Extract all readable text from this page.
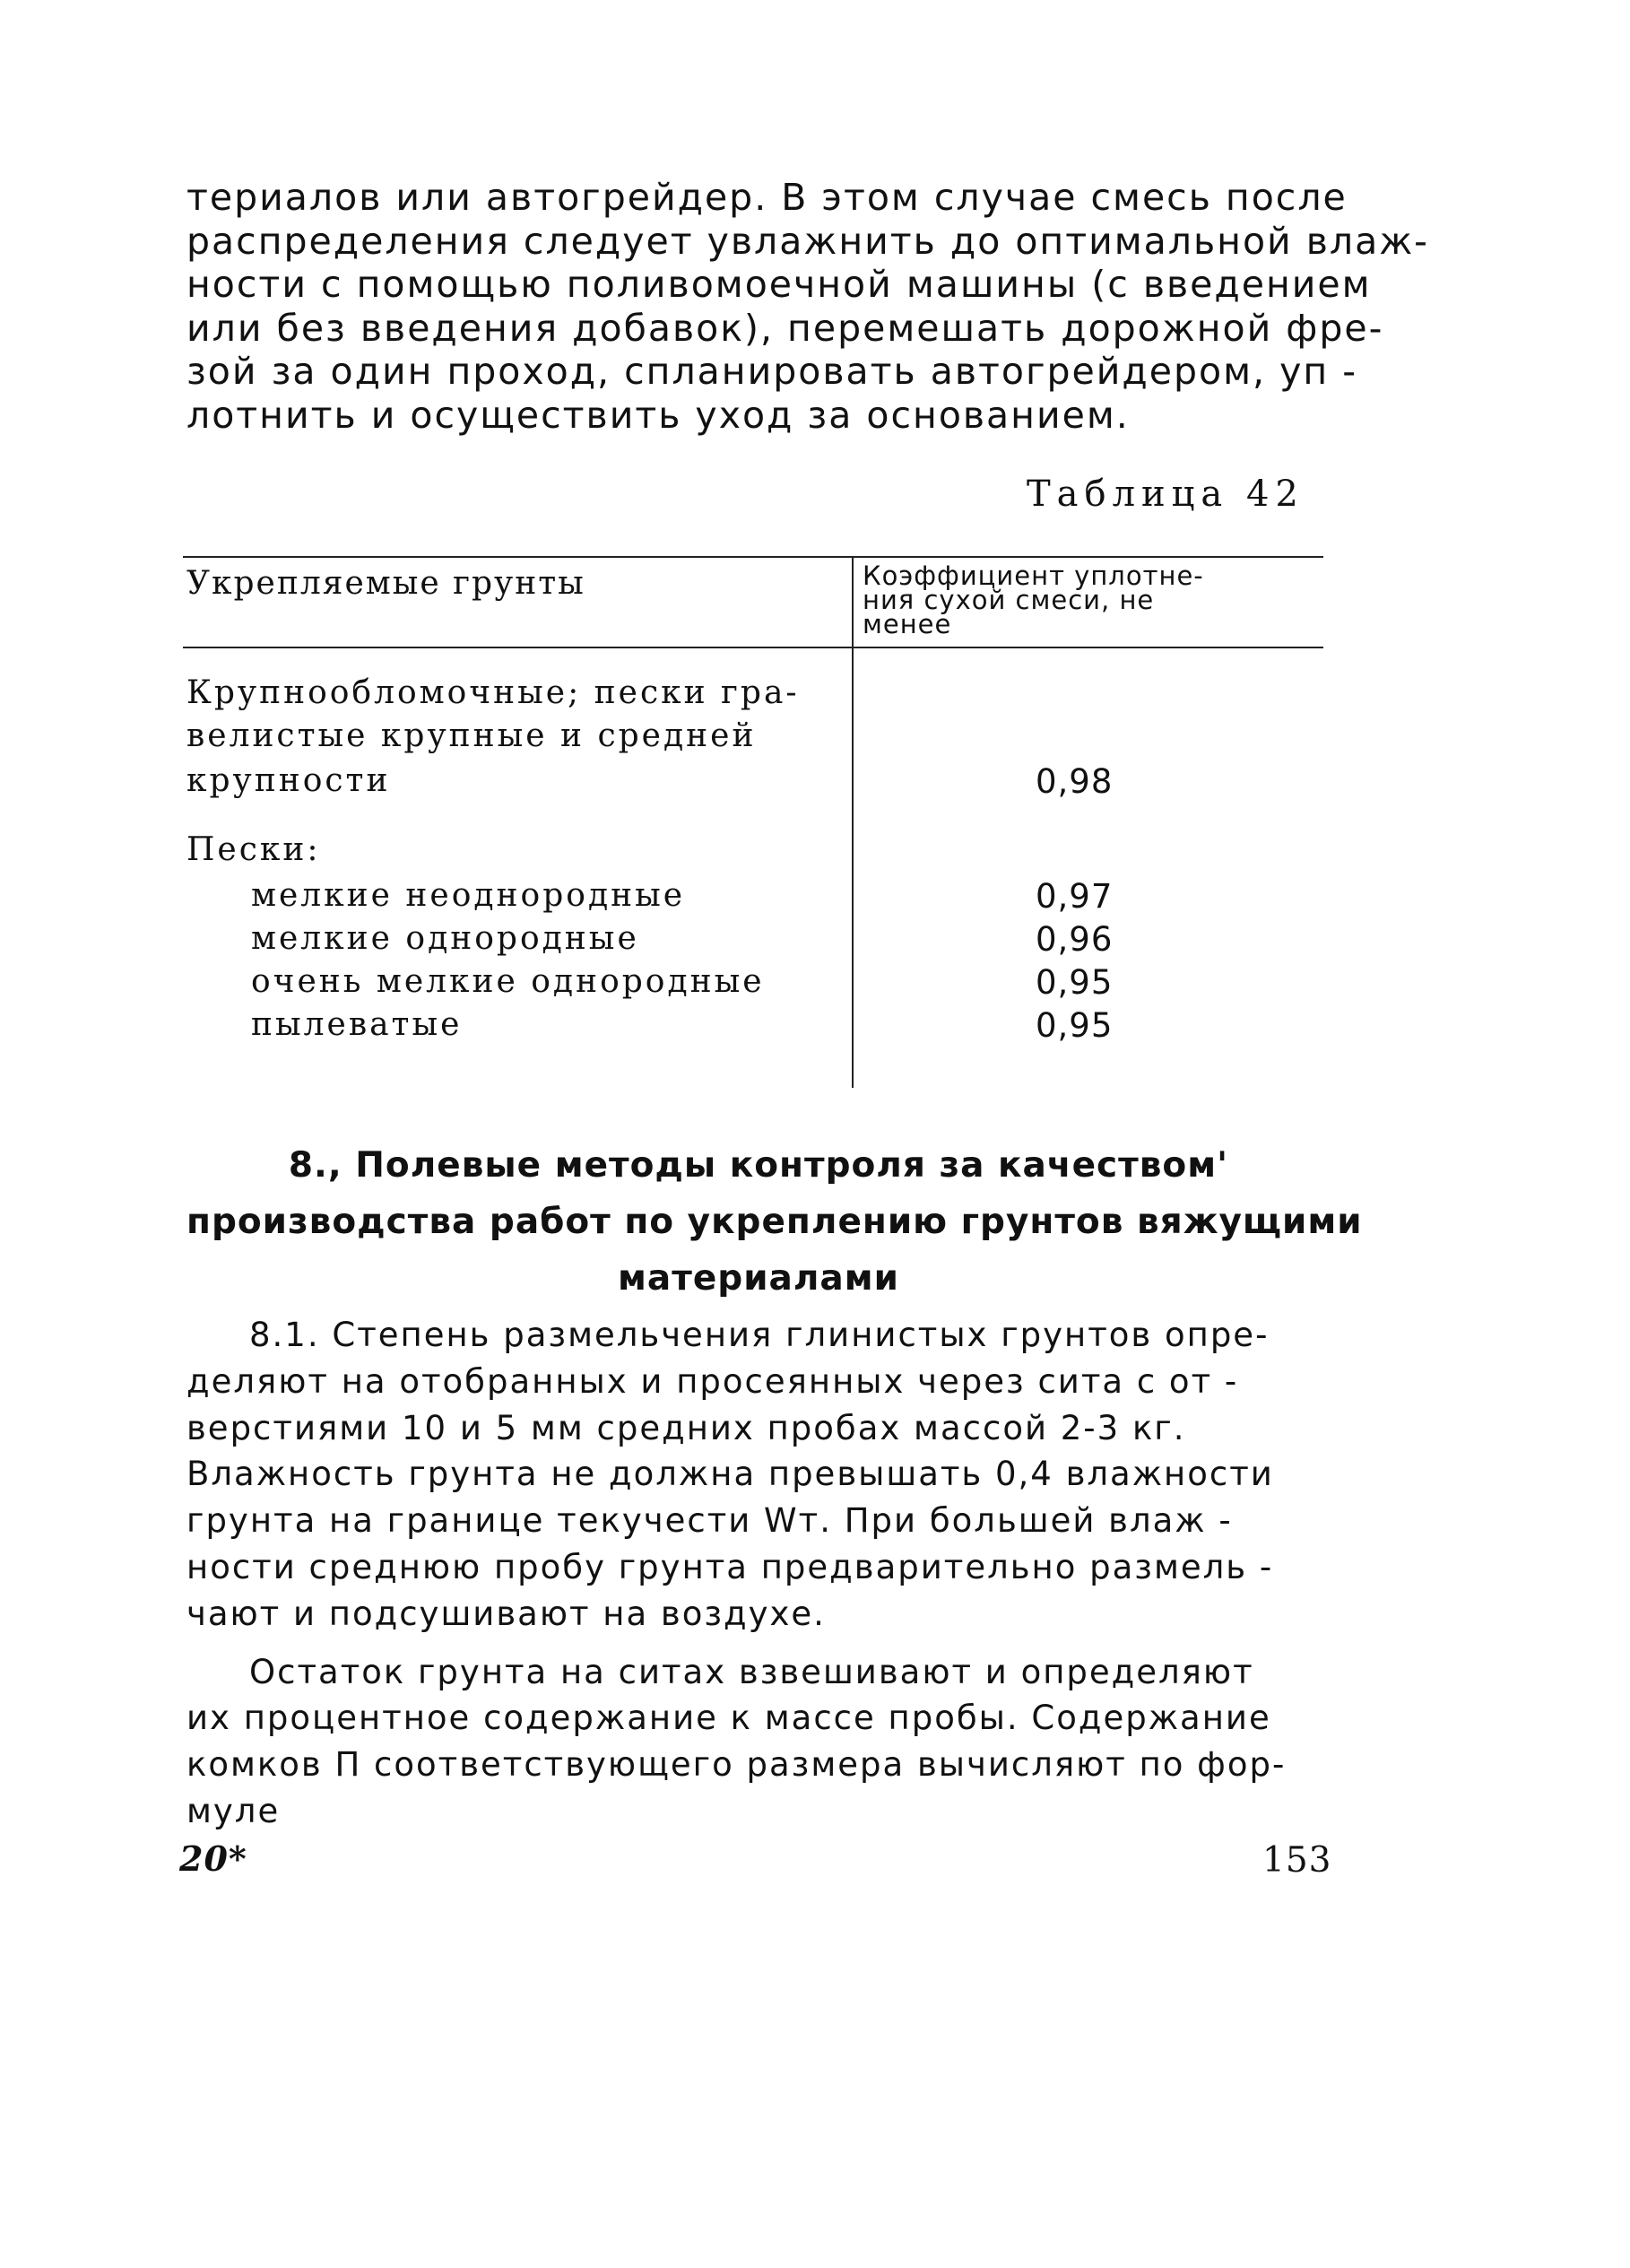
териалов или автогрейдер. В этом случае смесь после
распределения следует увлажнить до оптимальной влаж-
ности с помощью поливомоечной машины (с введением
или без введения добавок), перемешать дорожной фре-
зой за один проход, спланировать автогрейдером, уп -
лотнить и осуществить уход за основанием.
Таблица 42
Укрепляемые грунты	Коэффициент уплотне-
ния сухой смеси, не
менее
Крупнообломочные; пески гра-
велистые крупные и средней
крупности	0,98
Пески:
мелкие неоднородные	0,97
мелкие однородные	0,96
очень мелкие однородные	0,95
пылеватые	0,95
8., Полевые методы контроля за качеством'
производства работ по укреплению грунтов вяжущими
материалами
8.1. Степень размельчения глинистых грунтов опре-
деляют на отобранных и просеянных через сита с от -
верстиями 10 и 5 мм средних пробах массой 2-3 кг.
Влажность грунта не должна превышать 0,4 влажности
грунта на границе текучести Wт. При большей влаж -
ности среднюю пробу грунта предварительно размель -
чают и подсушивают на воздухе.
Остаток грунта на ситах взвешивают и определяют
их процентное содержание к массе пробы. Содержание
комков П соответствующего размера вычисляют по фор-
муле
20*	153
